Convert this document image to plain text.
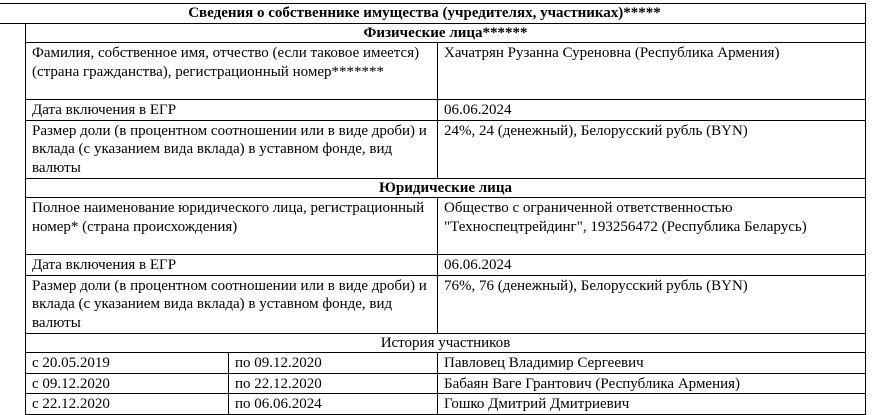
Сведения о собственнике имущества (учредителях, участниках)*****			
	Физические лица******		
	Фамилия, собственное имя, отчество (если таковое имеется) (страна гражданства), регистрационный номер*******		Хачатрян Рузанна Суреновна (Республика Армения)
	Дата включения в ЕГР		06.06.2024
	Размер доли (в процентном соотношении или в виде дроби) и вклада (с указанием вида вклада) в уставном фонде, вид валюты		24%, 24 (денежный), Белорусский рубль (BYN)
	Юридические лица		
	Полное наименование юридического лица, регистрационный номер* (страна происхождения)		Общество с ограниченной ответственностью "Техноспецтрейдинг", 193256472 (Республика Беларусь)
	Дата включения в ЕГР		06.06.2024
	Размер доли (в процентном соотношении или в виде дроби) и вклада (с указанием вида вклада) в уставном фонде, вид валюты		76%, 76 (денежный), Белорусский рубль (BYN)
	История участников		
	с 20.05.2019	по 09.12.2020	Павловец Владимир Сергеевич
	с 09.12.2020	по 22.12.2020	Бабаян Ваге Грантович (Республика Армения)
	с 22.12.2020	по 06.06.2024	Гошко Дмитрий Дмитриевич
